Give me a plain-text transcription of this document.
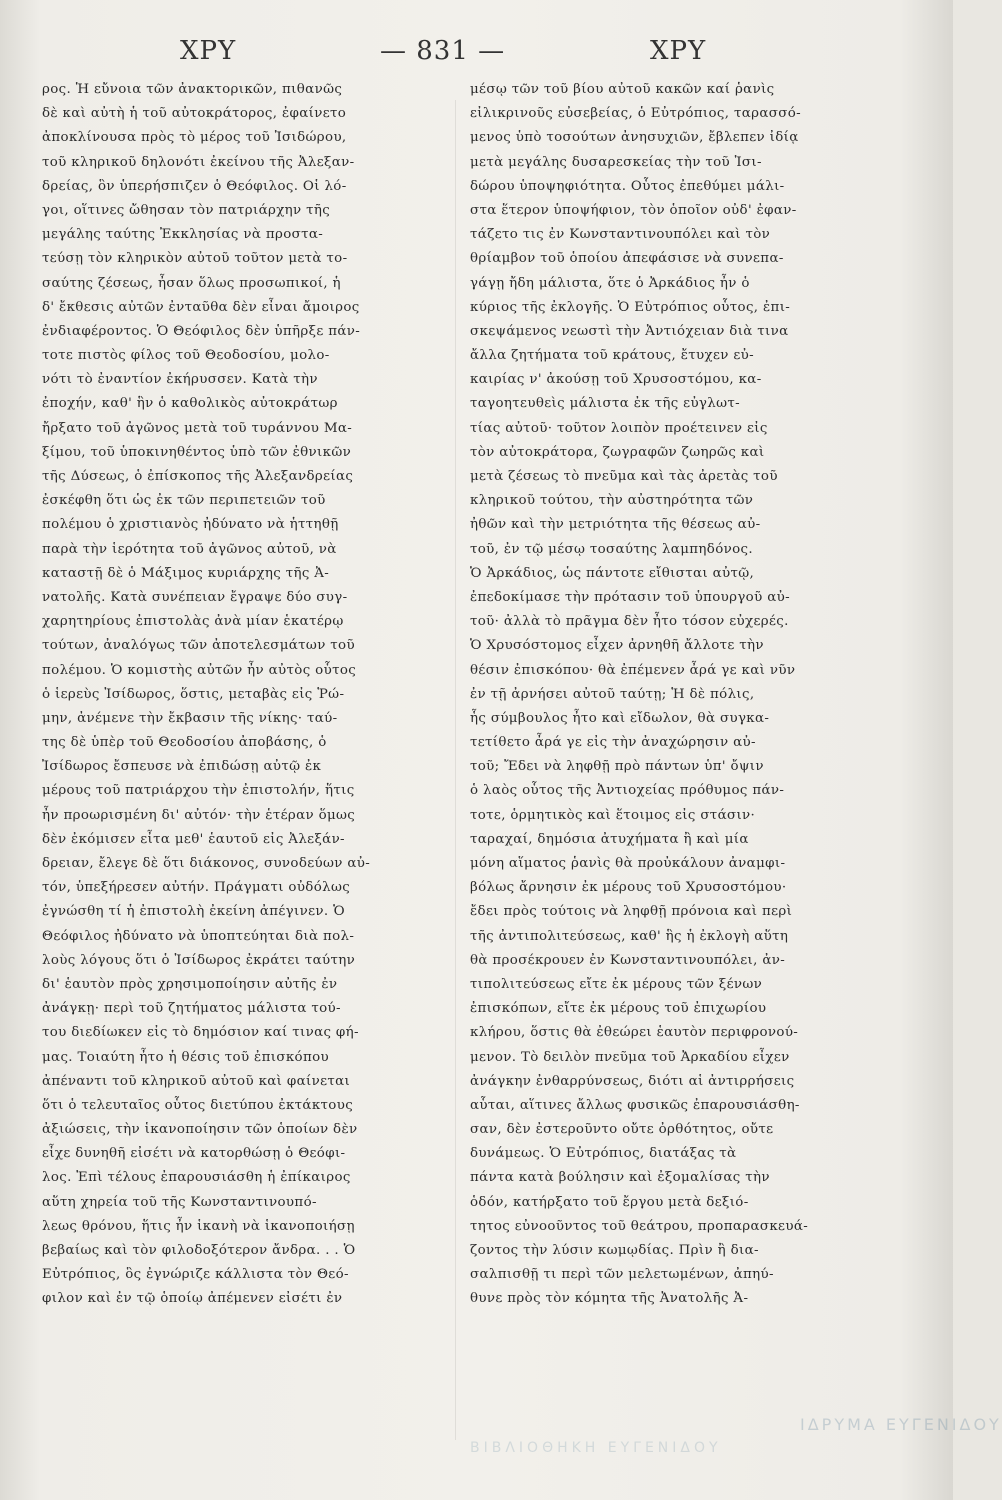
ΧΡΥ	— 831 —	ΧΡΥ
ρος. Ἡ εὔνοια τῶν ἀνακτορικῶν, πιθανῶς
δὲ καὶ αὐτὴ ἡ τοῦ αὐτοκράτορος, ἐφαίνετο
ἀποκλίνουσα πρὸς τὸ μέρος τοῦ Ἰσιδώρου,
τοῦ κληρικοῦ δηλονότι ἐκείνου τῆς Ἀλεξαν-
δρείας, ὃν ὑπερήσπιζεν ὁ Θεόφιλος. Οἱ λό-
γοι, οἵτινες ὤθησαν τὸν πατριάρχην τῆς
μεγάλης ταύτης Ἐκκλησίας νὰ προστα-
τεύσῃ τὸν κληρικὸν αὐτοῦ τοῦτον μετὰ το-
σαύτης ζέσεως, ἦσαν ὅλως προσωπικοί, ἡ
δ' ἔκθεσις αὐτῶν ἐνταῦθα δὲν εἶναι ἄμοιρος
ἐνδιαφέροντος. Ὁ Θεόφιλος δὲν ὑπῆρξε πάν-
τοτε πιστὸς φίλος τοῦ Θεοδοσίου, μολο-
νότι τὸ ἐναντίον ἐκήρυσσεν. Κατὰ τὴν
ἐποχήν, καθ' ἣν ὁ καθολικὸς αὐτοκράτωρ
ἤρξατο τοῦ ἀγῶνος μετὰ τοῦ τυράννου Μα-
ξίμου, τοῦ ὑποκινηθέντος ὑπὸ τῶν ἐθνικῶν
τῆς Δύσεως, ὁ ἐπίσκοπος τῆς Ἀλεξανδρείας
ἐσκέφθη ὅτι ὡς ἐκ τῶν περιπετειῶν τοῦ
πολέμου ὁ χριστιανὸς ἠδύνατο νὰ ἡττηθῇ
παρὰ τὴν ἱερότητα τοῦ ἀγῶνος αὐτοῦ, νὰ
καταστῇ δὲ ὁ Μάξιμος κυριάρχης τῆς Ἀ-
νατολῆς. Κατὰ συνέπειαν ἔγραψε δύο συγ-
χαρητηρίους ἐπιστολὰς ἀνὰ μίαν ἑκατέρῳ
τούτων, ἀναλόγως τῶν ἀποτελεσμάτων τοῦ
πολέμου. Ὁ κομιστὴς αὐτῶν ἦν αὐτὸς οὗτος
ὁ ἱερεὺς Ἰσίδωρος, ὅστις, μεταβὰς εἰς Ῥώ-
μην, ἀνέμενε τὴν ἔκβασιν τῆς νίκης· ταύ-
της δὲ ὑπὲρ τοῦ Θεοδοσίου ἀποβάσης, ὁ
Ἰσίδωρος ἔσπευσε νὰ ἐπιδώσῃ αὐτῷ ἐκ
μέρους τοῦ πατριάρχου τὴν ἐπιστολήν, ἥτις
ἦν προωρισμένη δι' αὐτόν· τὴν ἑτέραν ὅμως
δὲν ἐκόμισεν εἶτα μεθ' ἑαυτοῦ εἰς Ἀλεξάν-
δρειαν, ἔλεγε δὲ ὅτι διάκονος, συνοδεύων αὐ-
τόν, ὑπεξήρεσεν αὐτήν. Πράγματι οὐδόλως
ἐγνώσθη τί ἡ ἐπιστολὴ ἐκείνη ἀπέγινεν. Ὁ
Θεόφιλος ἠδύνατο νὰ ὑποπτεύηται διὰ πολ-
λοὺς λόγους ὅτι ὁ Ἰσίδωρος ἐκράτει ταύτην
δι' ἑαυτὸν πρὸς χρησιμοποίησιν αὐτῆς ἐν
ἀνάγκῃ· περὶ τοῦ ζητήματος μάλιστα τού-
του διεδίωκεν εἰς τὸ δημόσιον καί τινας φή-
μας. Τοιαύτη ἦτο ἡ θέσις τοῦ ἐπισκόπου
ἀπέναντι τοῦ κληρικοῦ αὐτοῦ καὶ φαίνεται
ὅτι ὁ τελευταῖος οὗτος διετύπου ἐκτάκτους
ἀξιώσεις, τὴν ἱκανοποίησιν τῶν ὁποίων δὲν
εἶχε δυνηθῆ εἰσέτι νὰ κατορθώσῃ ὁ Θεόφι-
λος. Ἐπὶ τέλους ἐπαρουσιάσθη ἡ ἐπίκαιρος
αὕτη χηρεία τοῦ τῆς Κωνσταντινουπό-
λεως θρόνου, ἥτις ἦν ἱκανὴ νὰ ἱκανοποιήσῃ
βεβαίως καὶ τὸν φιλοδοξότερον ἄνδρα. . . Ὁ
Εὐτρόπιος, ὃς ἐγνώριζε κάλλιστα τὸν Θεό-
φιλον καὶ ἐν τῷ ὁποίῳ ἀπέμενεν εἰσέτι ἐν
μέσῳ τῶν τοῦ βίου αὐτοῦ κακῶν καί ῥανὶς
εἰλικρινοῦς εὐσεβείας, ὁ Εὐτρόπιος, ταρασσό-
μενος ὑπὸ τοσούτων ἀνησυχιῶν, ἔβλεπεν ἰδίᾳ
μετὰ μεγάλης δυσαρεσκείας τὴν τοῦ Ἰσι-
δώρου ὑποψηφιότητα. Οὗτος ἐπεθύμει μάλι-
στα ἕτερον ὑποψήφιον, τὸν ὁποῖον οὐδ' ἐφαν-
τάζετο τις ἐν Κωνσταντινουπόλει καὶ τὸν
θρίαμβον τοῦ ὁποίου ἀπεφάσισε νὰ συνεπα-
γάγῃ ἤδη μάλιστα, ὅτε ὁ Ἀρκάδιος ἦν ὁ
κύριος τῆς ἐκλογῆς. Ὁ Εὐτρόπιος οὗτος, ἐπι-
σκεψάμενος νεωστὶ τὴν Ἀντιόχειαν διὰ τινα
ἄλλα ζητήματα τοῦ κράτους, ἔτυχεν εὐ-
καιρίας ν' ἀκούσῃ τοῦ Χρυσοστόμου, κα-
ταγοητευθεὶς μάλιστα ἐκ τῆς εὐγλωτ-
τίας αὐτοῦ· τοῦτον λοιπὸν προέτεινεν εἰς
τὸν αὐτοκράτορα, ζωγραφῶν ζωηρῶς καὶ
μετὰ ζέσεως τὸ πνεῦμα καὶ τὰς ἀρετὰς τοῦ
κληρικοῦ τούτου, τὴν αὐστηρότητα τῶν
ἠθῶν καὶ τὴν μετριότητα τῆς θέσεως αὐ-
τοῦ, ἐν τῷ μέσῳ τοσαύτης λαμπηδόνος.
Ὁ Ἀρκάδιος, ὡς πάντοτε εἴθισται αὐτῷ,
ἐπεδοκίμασε τὴν πρότασιν τοῦ ὑπουργοῦ αὐ-
τοῦ· ἀλλὰ τὸ πρᾶγμα δὲν ἦτο τόσον εὐχερές.
Ὁ Χρυσόστομος εἶχεν ἀρνηθῆ ἄλλοτε τὴν
θέσιν ἐπισκόπου· θὰ ἐπέμενεν ἆρά γε καὶ νῦν
ἐν τῇ ἀρνήσει αὐτοῦ ταύτῃ; Ἡ δὲ πόλις,
ἧς σύμβουλος ἦτο καὶ εἴδωλον, θὰ συγκα-
τετίθετο ἆρά γε εἰς τὴν ἀναχώρησιν αὐ-
τοῦ; Ἔδει νὰ ληφθῇ πρὸ πάντων ὑπ' ὄψιν
ὁ λαὸς οὗτος τῆς Ἀντιοχείας πρόθυμος πάν-
τοτε, ὁρμητικὸς καὶ ἕτοιμος εἰς στάσιν·
ταραχαί, δημόσια ἀτυχήματα ἢ καὶ μία
μόνη αἵματος ῥανὶς θὰ προὐκάλουν ἀναμφι-
βόλως ἄρνησιν ἐκ μέρους τοῦ Χρυσοστόμου·
ἔδει πρὸς τούτοις νὰ ληφθῇ πρόνοια καὶ περὶ
τῆς ἀντιπολιτεύσεως, καθ' ἣς ἡ ἐκλογὴ αὕτη
θὰ προσέκρουεν ἐν Κωνσταντινουπόλει, ἀν-
τιπολιτεύσεως εἴτε ἐκ μέρους τῶν ξένων
ἐπισκόπων, εἴτε ἐκ μέρους τοῦ ἐπιχωρίου
κλήρου, ὅστις θὰ ἐθεώρει ἑαυτὸν περιφρονού-
μενον. Τὸ δειλὸν πνεῦμα τοῦ Ἀρκαδίου εἶχεν
ἀνάγκην ἐνθαρρύνσεως, διότι αἱ ἀντιρρήσεις
αὗται, αἵτινες ἄλλως φυσικῶς ἐπαρουσιάσθη-
σαν, δὲν ἐστεροῦντο οὔτε ὀρθότητος, οὔτε
δυνάμεως. Ὁ Εὐτρόπιος, διατάξας τὰ
πάντα κατὰ βούλησιν καὶ ἐξομαλίσας τὴν
ὁδόν, κατήρξατο τοῦ ἔργου μετὰ δεξιό-
τητος εὐνοοῦντος τοῦ θεάτρου, προπαρασκευά-
ζοντος τὴν λύσιν κωμῳδίας. Πρὶν ἢ δια-
σαλπισθῇ τι περὶ τῶν μελετωμένων, ἀπηύ-
θυνε πρὸς τὸν κόμητα τῆς Ἀνατολῆς Ἀ-
ΙΔΡΥΜΑ ΕΥΓΕΝΙΔΟΥ
ΒΙΒΛΙΟΘΗΚΗ ΕΥΓΕΝΙΔΟΥ
